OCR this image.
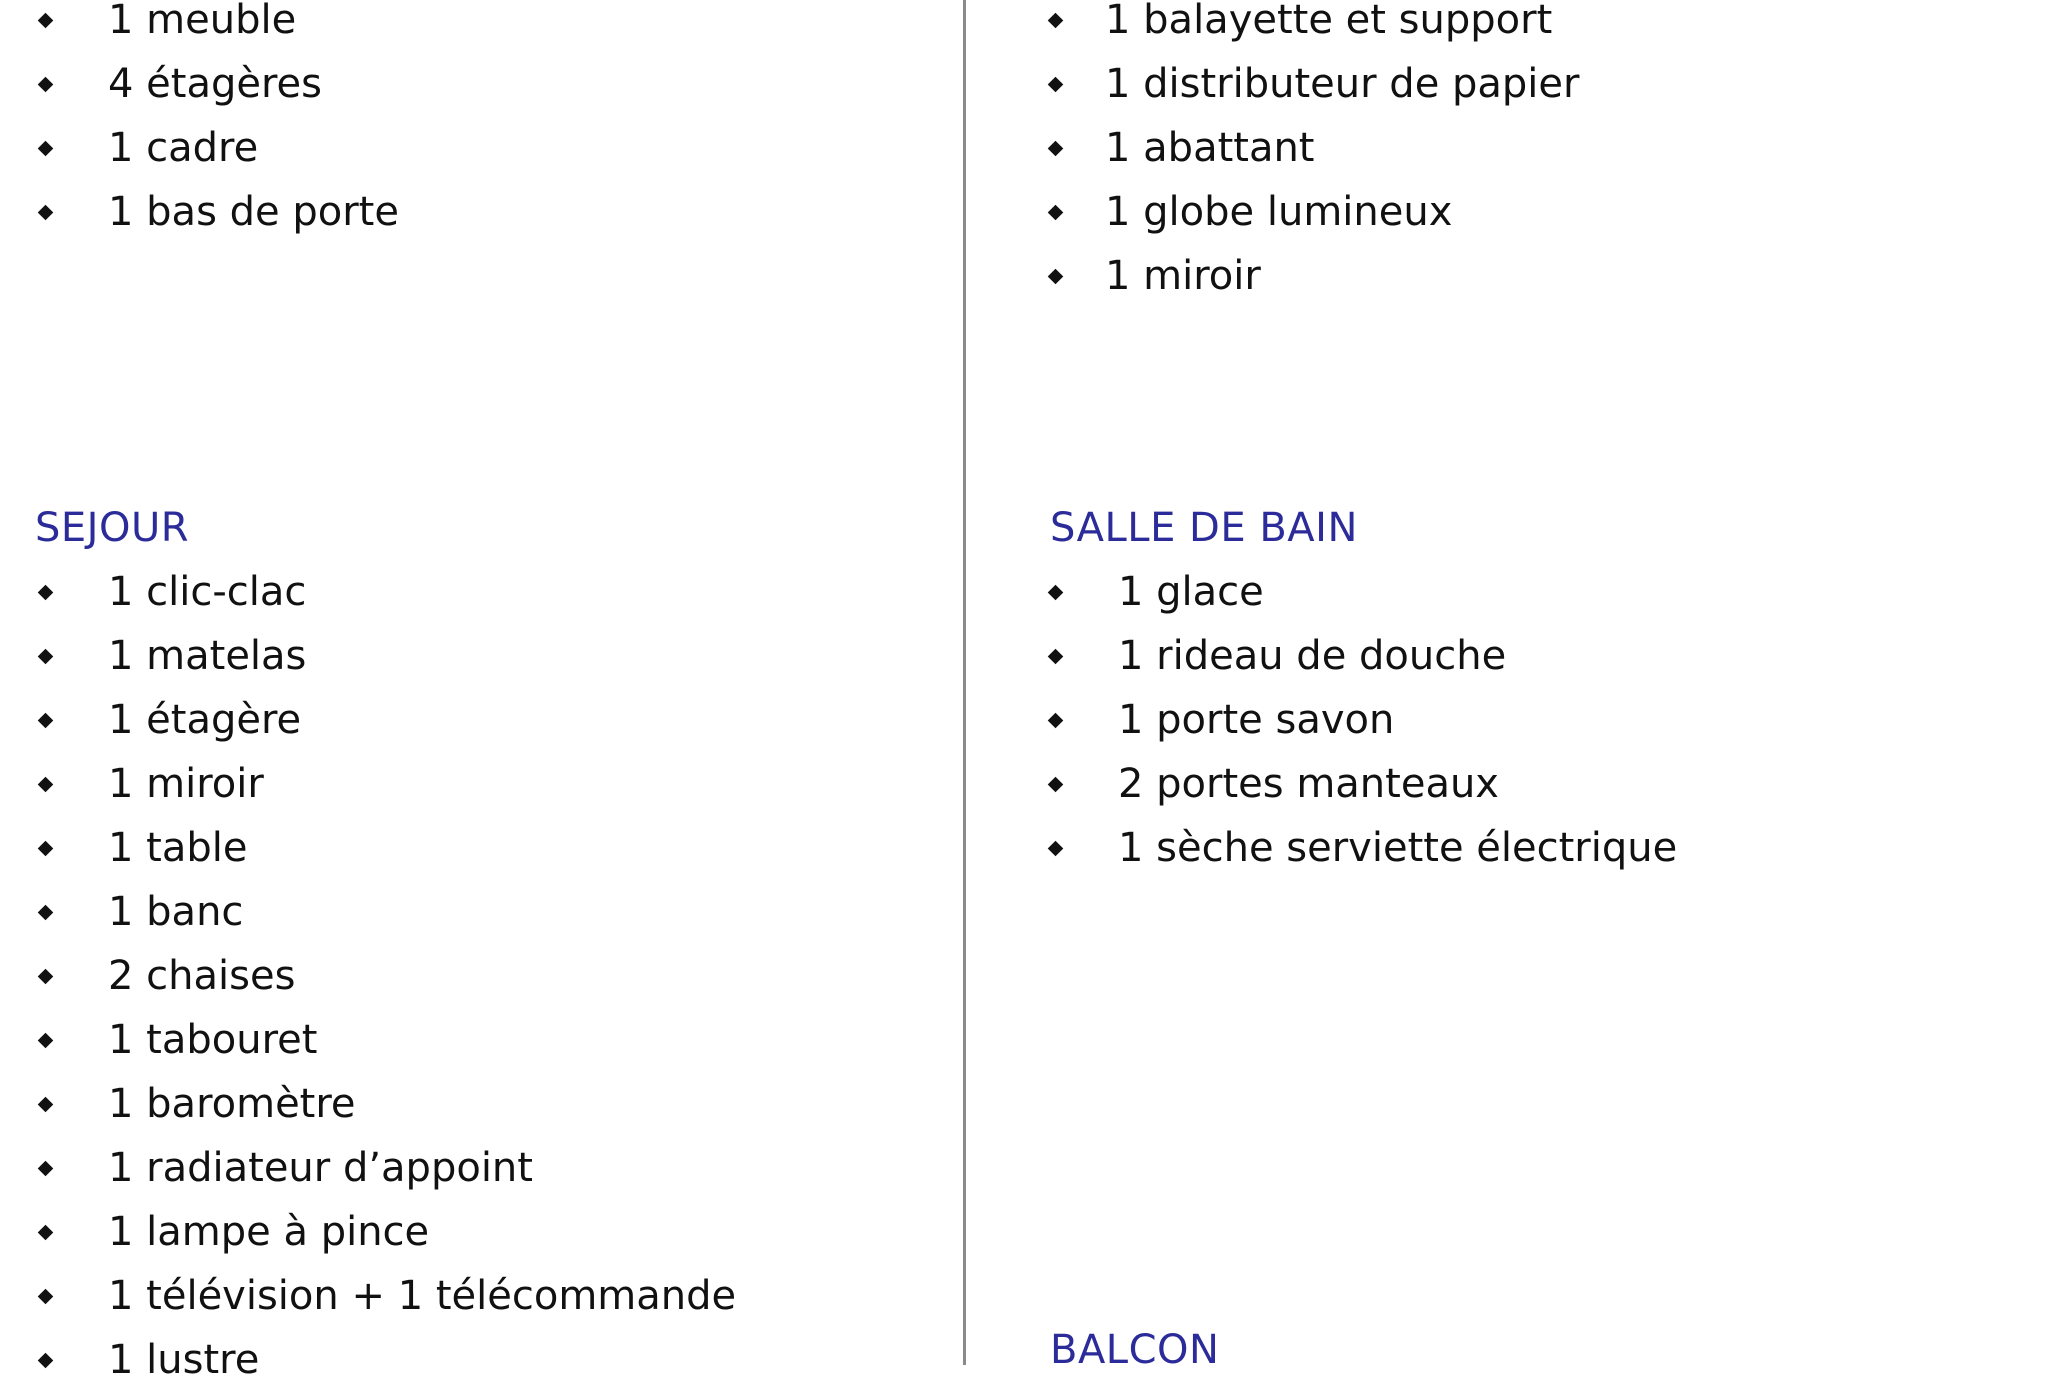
1 meuble
4 étagères
1 cadre
1 bas de porte
1 balayette et support
1 distributeur de papier
1 abattant
1 globe lumineux
1 miroir
SEJOUR
1 clic-clac
1 matelas
1 étagère
1 miroir
1 table
1 banc
2 chaises
1 tabouret
1 baromètre
1 radiateur d’appoint
1 lampe à pince
1 télévision + 1 télécommande
1 lustre
SALLE DE BAIN
1 glace
1 rideau de douche
1 porte savon
2 portes manteaux
1 sèche serviette électrique
BALCON
